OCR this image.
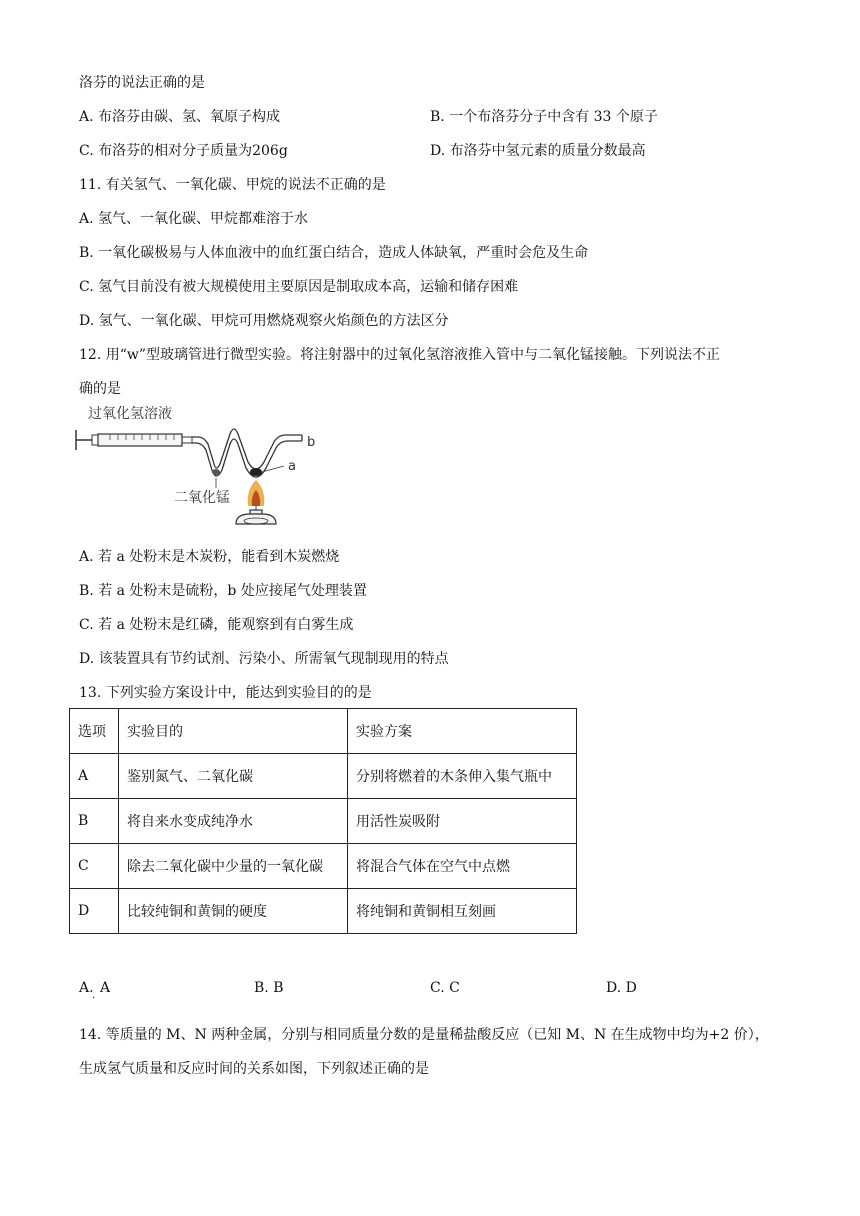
洛芬的说法正确的是
A. 布洛芬由碳、氢、氧原子构成	B. 一个布洛芬分子中含有 33 个原子
C. 布洛芬的相对分子质量为206g	D. 布洛芬中氢元素的质量分数最高
11. 有关氢气、一氧化碳、甲烷的说法不正确的是
A. 氢气、一氧化碳、甲烷都难溶于水
B. 一氧化碳极易与人体血液中的血红蛋白结合，造成人体缺氧，严重时会危及生命
C. 氢气目前没有被大规模使用主要原因是制取成本高，运输和储存困难
D. 氢气、一氧化碳、甲烷可用燃烧观察火焰颜色的方法区分
12. 用“w”型玻璃管进行微型实验。将注射器中的过氧化氢溶液推入管中与二氧化锰接触。下列说法不正
确的是
过氧化氢溶液
b
二氧化锰
a
A. 若 a 处粉末是木炭粉，能看到木炭燃烧
B. 若 a 处粉末是硫粉，b 处应接尾气处理装置
C. 若 a 处粉末是红磷，能观察到有白雾生成
D. 该装置具有节约试剂、污染小、所需氧气现制现用的特点
13. 下列实验方案设计中，能达到实验目的的是
选项	实验目的	实验方案
A	鉴别氮气、二氧化碳	分别将燃着的木条伸入集气瓶中
B	将自来水变成纯净水	用活性炭吸附
C	除去二氧化碳中少量的一氧化碳	将混合气体在空气中点燃
D	比较纯铜和黄铜的硬度	将纯铜和黄铜相互刻画
A. A
·
B. B	C. C	D. D
14. 等质量的 M、N 两种金属，分别与相同质量分数的是量稀盐酸反应（已知 M、N 在生成物中均为+2 价），
生成氢气质量和反应时间的关系如图，下列叙述正确的是
